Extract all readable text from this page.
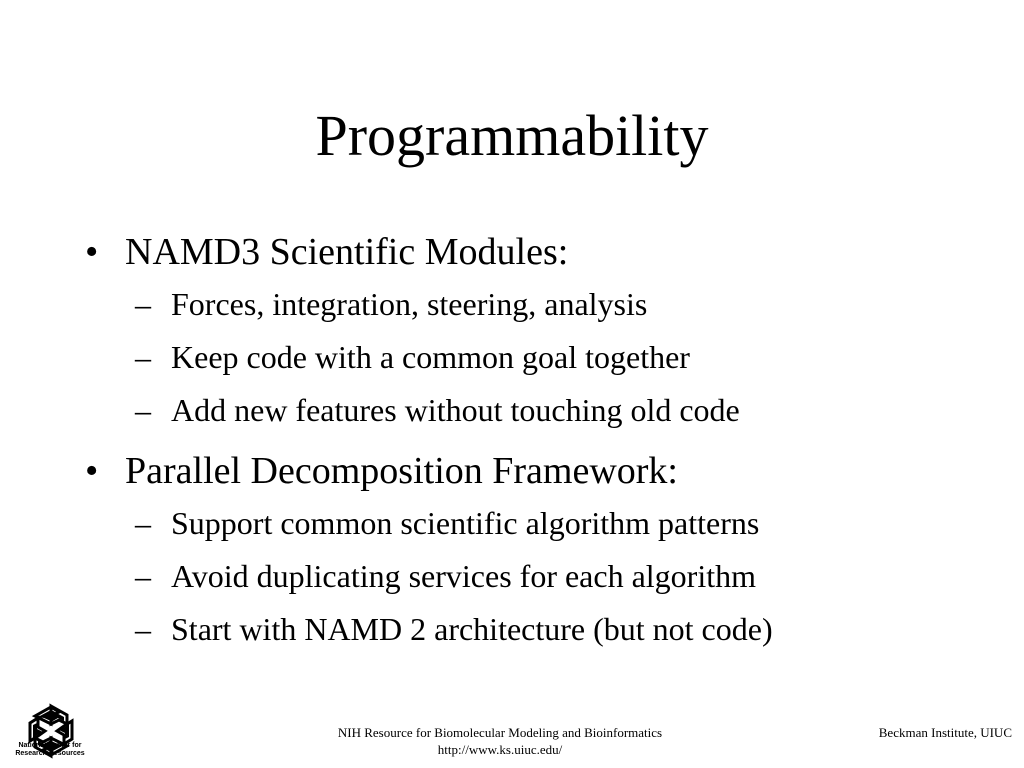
Programmability
• NAMD3 Scientific Modules:
– Forces, integration, steering, analysis
– Keep code with a common goal together
– Add new features without touching old code
• Parallel Decomposition Framework:
– Support common scientific algorithm patterns
– Avoid duplicating services for each algorithm
– Start with NAMD 2 architecture (but not code)
National Center for
Research Resources
NIH Resource for Biomolecular Modeling and Bioinformatics
http://www.ks.uiuc.edu/
Beckman Institute, UIUC
